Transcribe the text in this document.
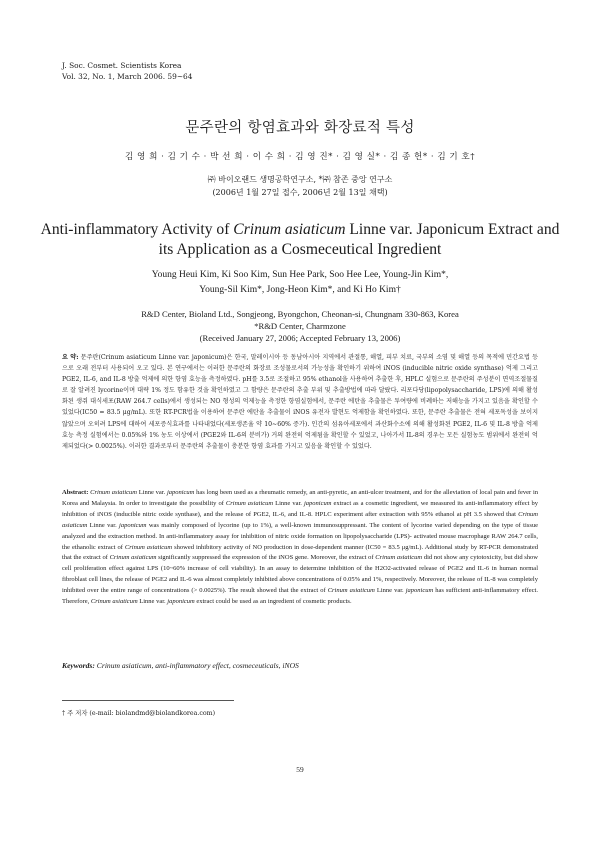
J. Soc. Cosmet. Scientists Korea
Vol. 32, No. 1, March 2006. 59~64
문주란의 항염효과와 화장료적 특성
김 영 희 · 김 기 수 · 박 선 희 · 이 수 희 · 김 영 진* · 김 영 실* · 김 종 헌* · 김 기 호†
㈜ 바이오랜드 생명공학연구소, *㈜ 참존 중앙 연구소
(2006년 1월 27일 접수, 2006년 2월 13일 채택)
Anti-inflammatory Activity of Crinum asiaticum Linne var. Japonicum Extract and its Application as a Cosmeceutical Ingredient
Young Heui Kim, Ki Soo Kim, Sun Hee Park, Soo Hee Lee, Young-Jin Kim*,
Young-Sil Kim*, Jong-Heon Kim*, and Ki Ho Kim†
R&D Center, Bioland Ltd., Songjeong, Byongchon, Cheonan-si, Chungnam 330-863, Korea
*R&D Center, Charmzone
(Received January 27, 2006; Accepted February 13, 2006)
요 약: 문주란(Crinum asiaticum Linne var. japonicum)은 한국, 말레이시아 등 동남아시아 지역에서 관절통, 해열, 피부 치료, 국부의 소염 및 해열 등의 목적에 민간요법 등으로 오래 전부터 사용되어 오고 있다. 본 연구에서는 이러한 문주란의 화장료 조성물로서의 가능성을 확인하기 위하여 iNOS (inducible nitric oxide synthase) 억제 그리고 PGE2, IL-6, and IL-8 방출 억제에 의한 항염 효능을 측정하였다. pH를 3.5로 조절하고 95% ethanol을 사용하여 추출한 후, HPLC 실험으로 문주란의 주성분이 면역조절물질로 잘 알려진 lycorine이며 대략 1% 정도 함유한 것을 확인하였고 그 함량은 문주란의 추출 부위 및 추출방법에 따라 달랐다. 리포다당(lipopolysaccharide, LPS)에 의해 활성화된 생쥐 대식세포(RAW 264.7 cells)에서 생성되는 NO 형성의 억제능을 측정한 항염실험에서, 문주란 에탄올 추출물은 투여량에 비례하는 저해능을 가지고 있음을 확인할 수 있었다(IC50 = 83.5 μg/mL). 또한 RT-PCR법을 이용하여 문주란 에탄올 추출물이 iNOS 유전자 발현도 억제함을 확인하였다. 또한, 문주란 추출물은 전혀 세포독성을 보이지 않았으며 오히려 LPS에 대하여 세포증식효과를 나타내었다(세포생존율 약 10~60% 증가). 인간의 섬유아세포에서 과산화수소에 의해 활성화된 PGE2, IL-6 및 IL-8 방출 억제효능 측정 실험에서는 0.05%와 1% 농도 이상에서 (PGE2와 IL-6의 분비가) 거의 완전히 억제됨을 확인할 수 있었고, 나아가서 IL-8의 경우는 모든 실험농도 범위에서 완전히 억제되었다(> 0.0025%). 이러한 결과로부터 문주란의 추출물이 충분한 항염 효과를 가지고 있음을 확인할 수 있었다.
Abstract: Crinum asiaticum Linne var. japonicum has long been used as a rheumatic remedy, an anti-pyretic, an anti-ulcer treatment, and for the alleviation of local pain and fever in Korea and Malaysia. In order to investigate the possibility of Crinum asiaticum Linne var. japonicum extract as a cosmetic ingredient, we measured its anti-inflammatory effect by inhibition of iNOS (inducible nitric oxide synthase), and the release of PGE2, IL-6, and IL-8. HPLC experiment after extraction with 95% ethanol at pH 3.5 showed that Crinum asiaticum Linne var. japonicum was mainly composed of lycorine (up to 1%), a well-known immunosuppressant. The content of lycorine varied depending on the type of tissue analyzed and the extraction method. In anti-inflammatory assay for inhibition of nitric oxide formation on lipopolysaccharide (LPS)- activated mouse macrophage RAW 264.7 cells, the ethanolic extract of Crinum asiaticum showed inhibitory activity of NO production in dose-dependent manner (IC50 = 83.5 μg/mL). Additional study by RT-PCR demonstrated that the extract of Crinum asiaticum significantly suppressed the expression of the iNOS gene. Moreover, the extract of Crinum asiaticum did not show any cytotoxicity, but did show cell proliferation effect against LPS (10~60% increase of cell viability). In an assay to determine inhibition of the H2O2-activated release of PGE2 and IL-6 in human normal fibroblast cell lines, the release of PGE2 and IL-6 was almost completely inhibited above concentrations of 0.05% and 1%, respectively. Moreover, the release of IL-8 was completely inhibited over the entire range of concentrations (> 0.0025%). The result showed that the extract of Crinum asiaticum Linne var. japonicum has sufficient anti-inflammatory effect. Therefore, Crinum asiaticum Linne var. japonicum extract could be used as an ingredient of cosmetic products.
Keywords: Crinum asiaticum, anti-inflammatory effect, cosmeceuticals, iNOS
† 주 저자 (e-mail: biolandmd@biolandkorea.com)
59
